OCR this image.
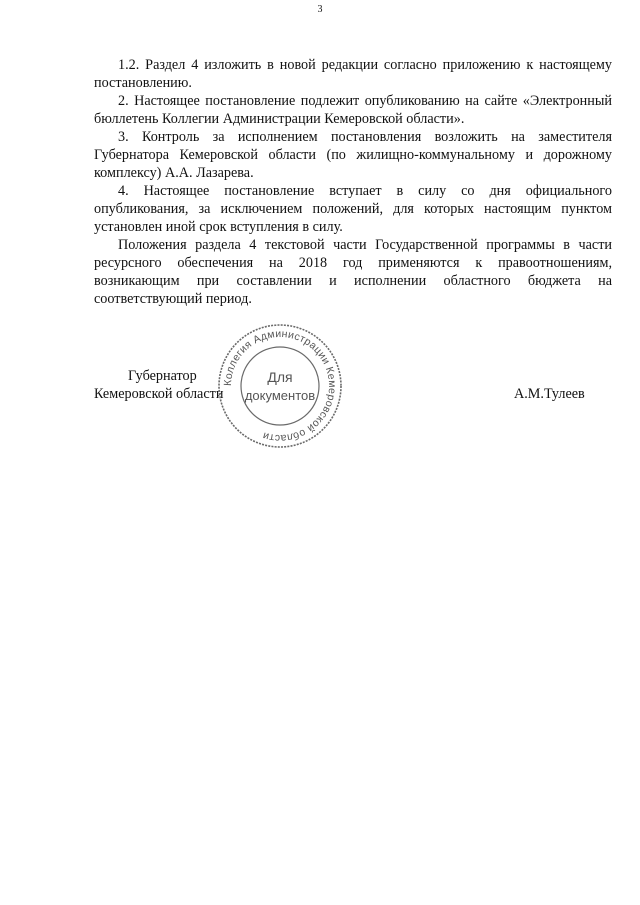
3

1.2. Раздел 4 изложить в новой редакции согласно приложению к настоящему постановлению.

2. Настоящее постановление подлежит опубликованию на сайте «Электронный бюллетень Коллегии Администрации Кемеровской области».

3. Контроль за исполнением постановления возложить на заместителя Губернатора Кемеровской области (по жилищно-коммунальному и дорожному комплексу) А.А. Лазарева.

4. Настоящее постановление вступает в силу со дня официального опубликования, за исключением положений, для которых настоящим пунктом установлен иной срок вступления в силу.

Положения раздела 4 текстовой части Государственной программы в части ресурсного обеспечения на 2018 год применяются к правоотношениям, возникающим при составлении и исполнении областного бюджета на соответствующий период.

Губернатор
Кемеровской области	А.М.Тулеев
Коллегия Администрации Кемеровской области
Для
документов
